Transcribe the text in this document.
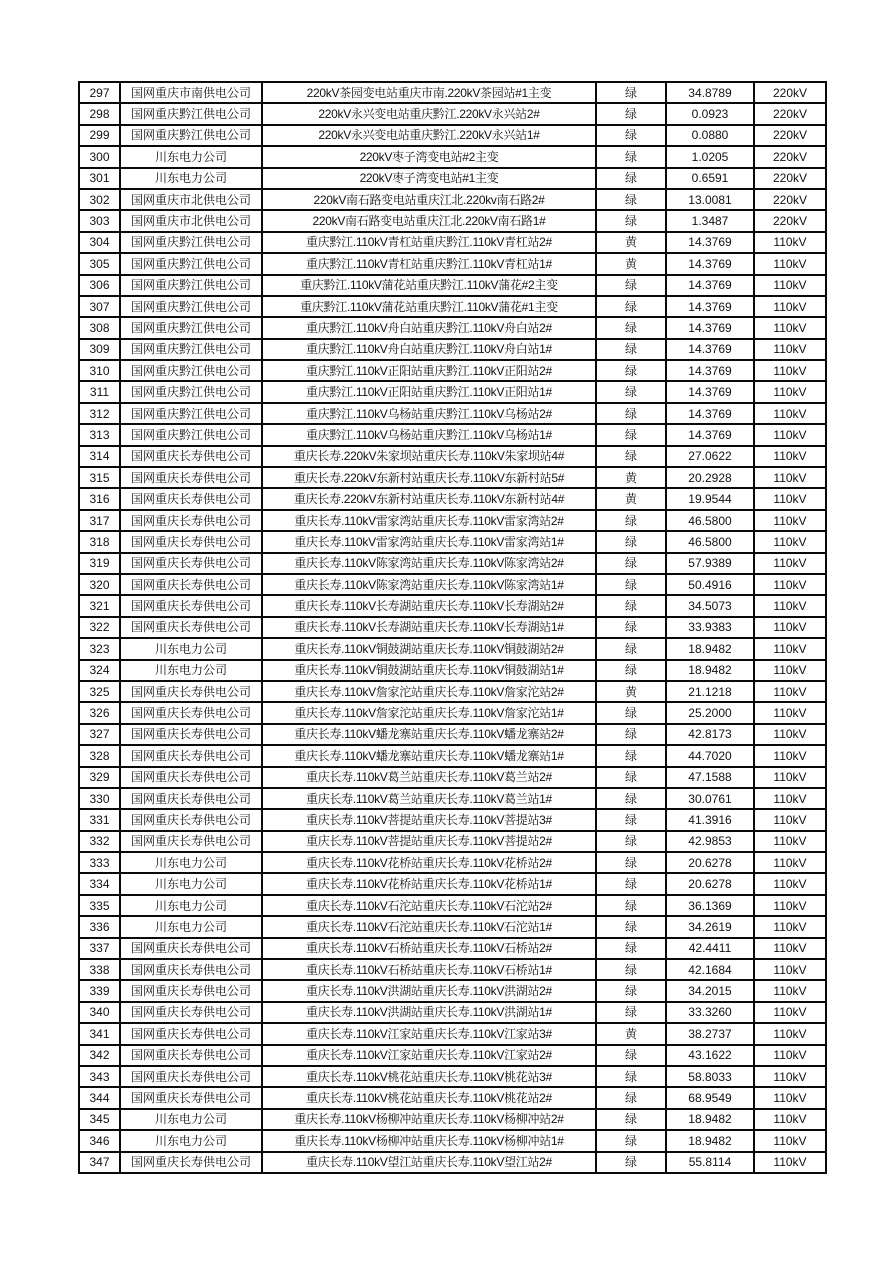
297	国网重庆市南供电公司	220kV茶园变电站重庆市南.220kV茶园站#1主变	绿	34.8789	220kV
298	国网重庆黔江供电公司	220kV永兴变电站重庆黔江.220kV永兴站2#	绿	0.0923	220kV
299	国网重庆黔江供电公司	220kV永兴变电站重庆黔江.220kV永兴站1#	绿	0.0880	220kV
300	川东电力公司	220kV枣子湾变电站#2主变	绿	1.0205	220kV
301	川东电力公司	220kV枣子湾变电站#1主变	绿	0.6591	220kV
302	国网重庆市北供电公司	220kV南石路变电站重庆江北.220kv南石路2#	绿	13.0081	220kV
303	国网重庆市北供电公司	220kV南石路变电站重庆江北.220kV南石路1#	绿	1.3487	220kV
304	国网重庆黔江供电公司	重庆黔江.110kV青杠站重庆黔江.110kV青杠站2#	黄	14.3769	110kV
305	国网重庆黔江供电公司	重庆黔江.110kV青杠站重庆黔江.110kV青杠站1#	黄	14.3769	110kV
306	国网重庆黔江供电公司	重庆黔江.110kV蒲花站重庆黔江.110kV蒲花#2主变	绿	14.3769	110kV
307	国网重庆黔江供电公司	重庆黔江.110kV蒲花站重庆黔江.110kV蒲花#1主变	绿	14.3769	110kV
308	国网重庆黔江供电公司	重庆黔江.110kV舟白站重庆黔江.110kV舟白站2#	绿	14.3769	110kV
309	国网重庆黔江供电公司	重庆黔江.110kV舟白站重庆黔江.110kV舟白站1#	绿	14.3769	110kV
310	国网重庆黔江供电公司	重庆黔江.110kV正阳站重庆黔江.110kV正阳站2#	绿	14.3769	110kV
311	国网重庆黔江供电公司	重庆黔江.110kV正阳站重庆黔江.110kV正阳站1#	绿	14.3769	110kV
312	国网重庆黔江供电公司	重庆黔江.110kV乌杨站重庆黔江.110kV乌杨站2#	绿	14.3769	110kV
313	国网重庆黔江供电公司	重庆黔江.110kV乌杨站重庆黔江.110kV乌杨站1#	绿	14.3769	110kV
314	国网重庆长寿供电公司	重庆长寿.220kV朱家坝站重庆长寿.110kV朱家坝站4#	绿	27.0622	110kV
315	国网重庆长寿供电公司	重庆长寿.220kV东新村站重庆长寿.110kV东新村站5#	黄	20.2928	110kV
316	国网重庆长寿供电公司	重庆长寿.220kV东新村站重庆长寿.110kV东新村站4#	黄	19.9544	110kV
317	国网重庆长寿供电公司	重庆长寿.110kV雷家湾站重庆长寿.110kV雷家湾站2#	绿	46.5800	110kV
318	国网重庆长寿供电公司	重庆长寿.110kV雷家湾站重庆长寿.110kV雷家湾站1#	绿	46.5800	110kV
319	国网重庆长寿供电公司	重庆长寿.110kV陈家湾站重庆长寿.110kV陈家湾站2#	绿	57.9389	110kV
320	国网重庆长寿供电公司	重庆长寿.110kV陈家湾站重庆长寿.110kV陈家湾站1#	绿	50.4916	110kV
321	国网重庆长寿供电公司	重庆长寿.110kV长寿湖站重庆长寿.110kV长寿湖站2#	绿	34.5073	110kV
322	国网重庆长寿供电公司	重庆长寿.110kV长寿湖站重庆长寿.110kV长寿湖站1#	绿	33.9383	110kV
323	川东电力公司	重庆长寿.110kV铜鼓湖站重庆长寿.110kV铜鼓湖站2#	绿	18.9482	110kV
324	川东电力公司	重庆长寿.110kV铜鼓湖站重庆长寿.110kV铜鼓湖站1#	绿	18.9482	110kV
325	国网重庆长寿供电公司	重庆长寿.110kV詹家沱站重庆长寿.110kV詹家沱站2#	黄	21.1218	110kV
326	国网重庆长寿供电公司	重庆长寿.110kV詹家沱站重庆长寿.110kV詹家沱站1#	绿	25.2000	110kV
327	国网重庆长寿供电公司	重庆长寿.110kV蟠龙寨站重庆长寿.110kV蟠龙寨站2#	绿	42.8173	110kV
328	国网重庆长寿供电公司	重庆长寿.110kV蟠龙寨站重庆长寿.110kV蟠龙寨站1#	绿	44.7020	110kV
329	国网重庆长寿供电公司	重庆长寿.110kV葛兰站重庆长寿.110kV葛兰站2#	绿	47.1588	110kV
330	国网重庆长寿供电公司	重庆长寿.110kV葛兰站重庆长寿.110kV葛兰站1#	绿	30.0761	110kV
331	国网重庆长寿供电公司	重庆长寿.110kV菩提站重庆长寿.110kV菩提站3#	绿	41.3916	110kV
332	国网重庆长寿供电公司	重庆长寿.110kV菩提站重庆长寿.110kV菩提站2#	绿	42.9853	110kV
333	川东电力公司	重庆长寿.110kV花桥站重庆长寿.110kV花桥站2#	绿	20.6278	110kV
334	川东电力公司	重庆长寿.110kV花桥站重庆长寿.110kV花桥站1#	绿	20.6278	110kV
335	川东电力公司	重庆长寿.110kV石沱站重庆长寿.110kV石沱站2#	绿	36.1369	110kV
336	川东电力公司	重庆长寿.110kV石沱站重庆长寿.110kV石沱站1#	绿	34.2619	110kV
337	国网重庆长寿供电公司	重庆长寿.110kV石桥站重庆长寿.110kV石桥站2#	绿	42.4411	110kV
338	国网重庆长寿供电公司	重庆长寿.110kV石桥站重庆长寿.110kV石桥站1#	绿	42.1684	110kV
339	国网重庆长寿供电公司	重庆长寿.110kV洪湖站重庆长寿.110kV洪湖站2#	绿	34.2015	110kV
340	国网重庆长寿供电公司	重庆长寿.110kV洪湖站重庆长寿.110kV洪湖站1#	绿	33.3260	110kV
341	国网重庆长寿供电公司	重庆长寿.110kV江家站重庆长寿.110kV江家站3#	黄	38.2737	110kV
342	国网重庆长寿供电公司	重庆长寿.110kV江家站重庆长寿.110kV江家站2#	绿	43.1622	110kV
343	国网重庆长寿供电公司	重庆长寿.110kV桃花站重庆长寿.110kV桃花站3#	绿	58.8033	110kV
344	国网重庆长寿供电公司	重庆长寿.110kV桃花站重庆长寿.110kV桃花站2#	绿	68.9549	110kV
345	川东电力公司	重庆长寿.110kV杨柳冲站重庆长寿.110kV杨柳冲站2#	绿	18.9482	110kV
346	川东电力公司	重庆长寿.110kV杨柳冲站重庆长寿.110kV杨柳冲站1#	绿	18.9482	110kV
347	国网重庆长寿供电公司	重庆长寿.110kV望江站重庆长寿.110kV望江站2#	绿	55.8114	110kV
